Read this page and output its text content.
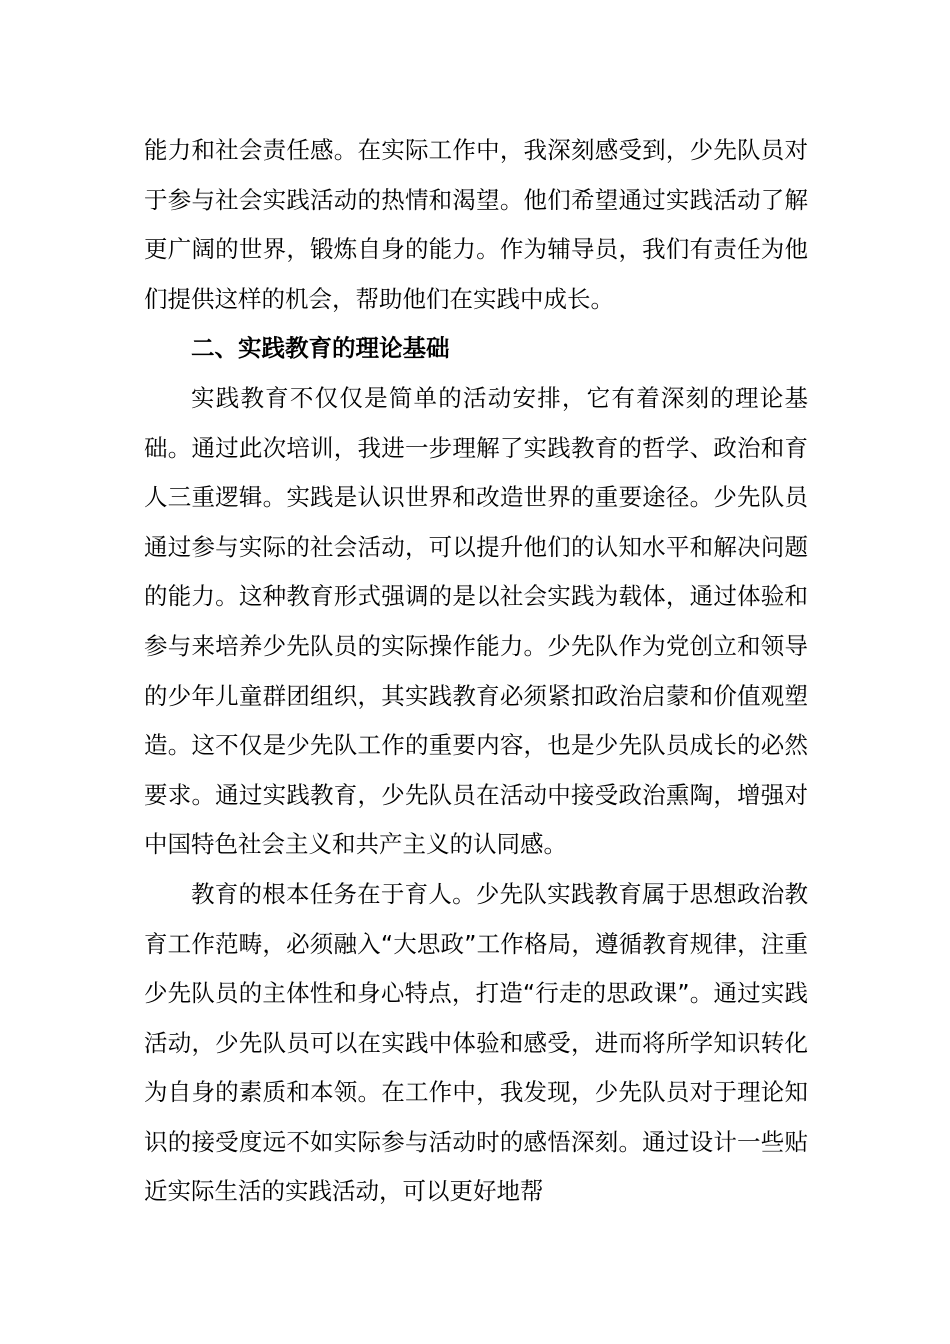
能力和社会责任感。在实际工作中，我深刻感受到，少先队员对于参与社会实践活动的热情和渴望。他们希望通过实践活动了解更广阔的世界，锻炼自身的能力。作为辅导员，我们有责任为他们提供这样的机会，帮助他们在实践中成长。

二、实践教育的理论基础

实践教育不仅仅是简单的活动安排，它有着深刻的理论基础。通过此次培训，我进一步理解了实践教育的哲学、政治和育人三重逻辑。实践是认识世界和改造世界的重要途径。少先队员通过参与实际的社会活动，可以提升他们的认知水平和解决问题的能力。这种教育形式强调的是以社会实践为载体，通过体验和参与来培养少先队员的实际操作能力。少先队作为党创立和领导的少年儿童群团组织，其实践教育必须紧扣政治启蒙和价值观塑造。这不仅是少先队工作的重要内容，也是少先队员成长的必然要求。通过实践教育，少先队员在活动中接受政治熏陶，增强对中国特色社会主义和共产主义的认同感。

教育的根本任务在于育人。少先队实践教育属于思想政治教育工作范畴，必须融入“大思政”工作格局，遵循教育规律，注重少先队员的主体性和身心特点，打造“行走的思政课”。通过实践活动，少先队员可以在实践中体验和感受，进而将所学知识转化为自身的素质和本领。在工作中，我发现，少先队员对于理论知识的接受度远不如实际参与活动时的感悟深刻。通过设计一些贴近实际生活的实践活动，可以更好地帮
